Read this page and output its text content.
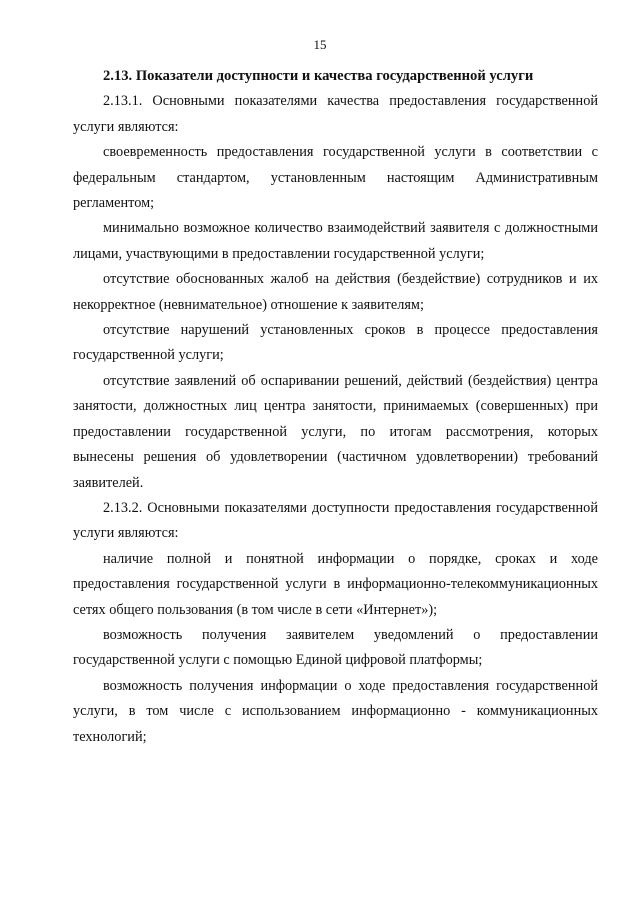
15

2.13. Показатели доступности и качества государственной услуги

2.13.1. Основными показателями качества предоставления государственной услуги являются:

своевременность предоставления государственной услуги в соответствии с федеральным стандартом, установленным настоящим Административным регламентом;

минимально возможное количество взаимодействий заявителя с должностными лицами, участвующими в предоставлении государственной услуги;

отсутствие обоснованных жалоб на действия (бездействие) сотрудников и их некорректное (невнимательное) отношение к заявителям;

отсутствие нарушений установленных сроков в процессе предоставления государственной услуги;

отсутствие заявлений об оспаривании решений, действий (бездействия) центра занятости, должностных лиц центра занятости, принимаемых (совершенных) при предоставлении государственной услуги, по итогам рассмотрения, которых вынесены решения об удовлетворении (частичном удовлетворении) требований заявителей.

2.13.2. Основными показателями доступности предоставления государственной услуги являются:

наличие полной и понятной информации о порядке, сроках и ходе предоставления государственной услуги в информационно-телекоммуникационных сетях общего пользования (в том числе в сети «Интернет»);

возможность получения заявителем уведомлений о предоставлении государственной услуги с помощью Единой цифровой платформы;

возможность получения информации о ходе предоставления государственной услуги, в том числе с использованием информационно - коммуникационных технологий;
